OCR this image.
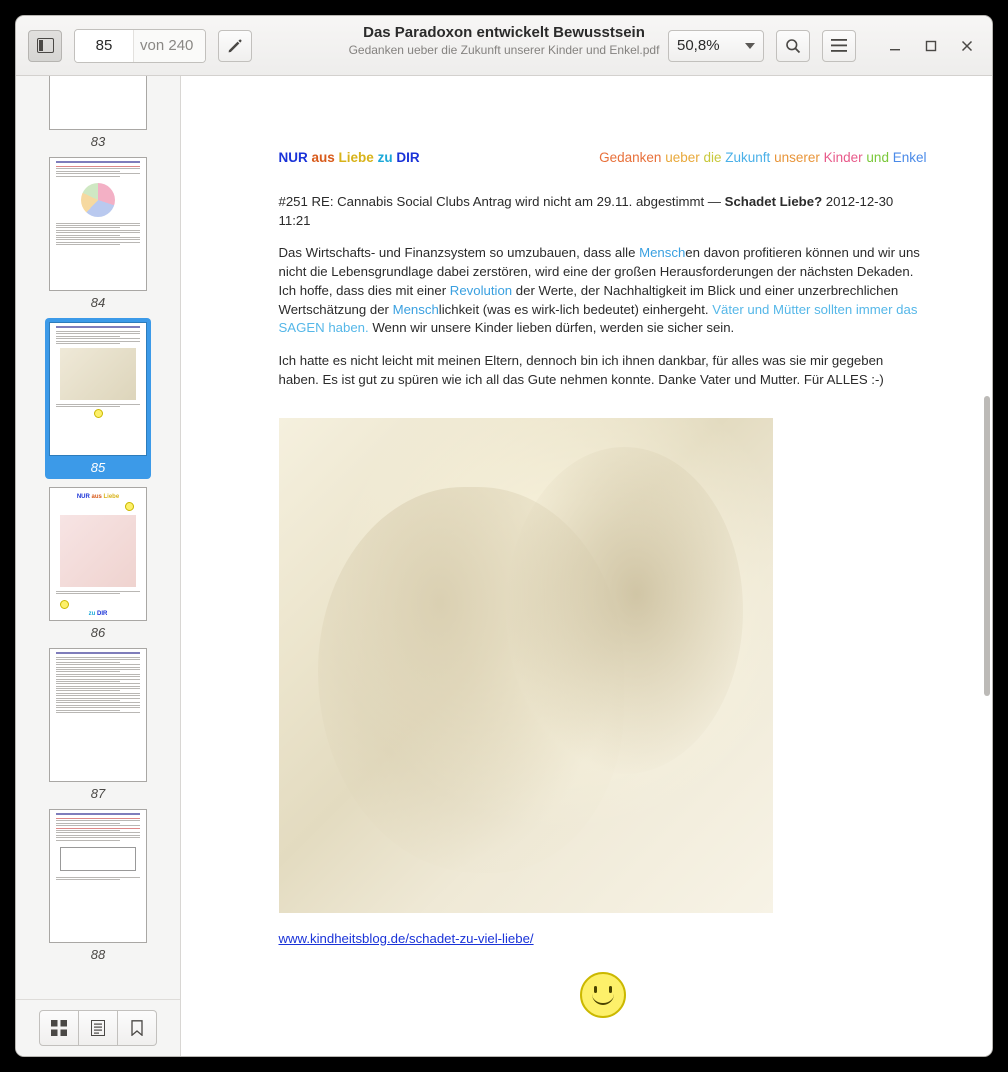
85
von 240
Das Paradoxon entwickelt Bewusstsein
Gedanken ueber die Zukunft unserer Kinder und Enkel.pdf	50,8%
83
84
85
NUR aus Liebe
zu DIR
86
87
88
NUR aus Liebe zu DIR	Gedanken ueber die Zukunft unserer Kinder und Enkel

#251 RE: Cannabis Social Clubs Antrag wird nicht am 29.11. abgestimmt — Schadet Liebe? 2012-12-30 11:21

Das Wirtschafts- und Finanzsystem so umzubauen, dass alle Menschen davon profitieren können und wir uns nicht die Lebensgrundlage dabei zerstören, wird eine der großen Herausforderungen der nächsten Dekaden. Ich hoffe, dass dies mit einer Revolution der Werte, der Nachhaltigkeit im Blick und einer unzerbrechlichen Wertschätzung der Menschlichkeit (was es wirk-lich bedeutet) einhergeht. Väter und Mütter sollten immer das SAGEN haben. Wenn wir unsere Kinder lieben dürfen, werden sie sicher sein.

Ich hatte es nicht leicht mit meinen Eltern, dennoch bin ich ihnen dankbar, für alles was sie mir gegeben haben. Es ist gut zu spüren wie ich all das Gute nehmen konnte. Danke Vater und Mutter. Für ALLES :-)

www.kindheitsblog.de/schadet-zu-viel-liebe/
